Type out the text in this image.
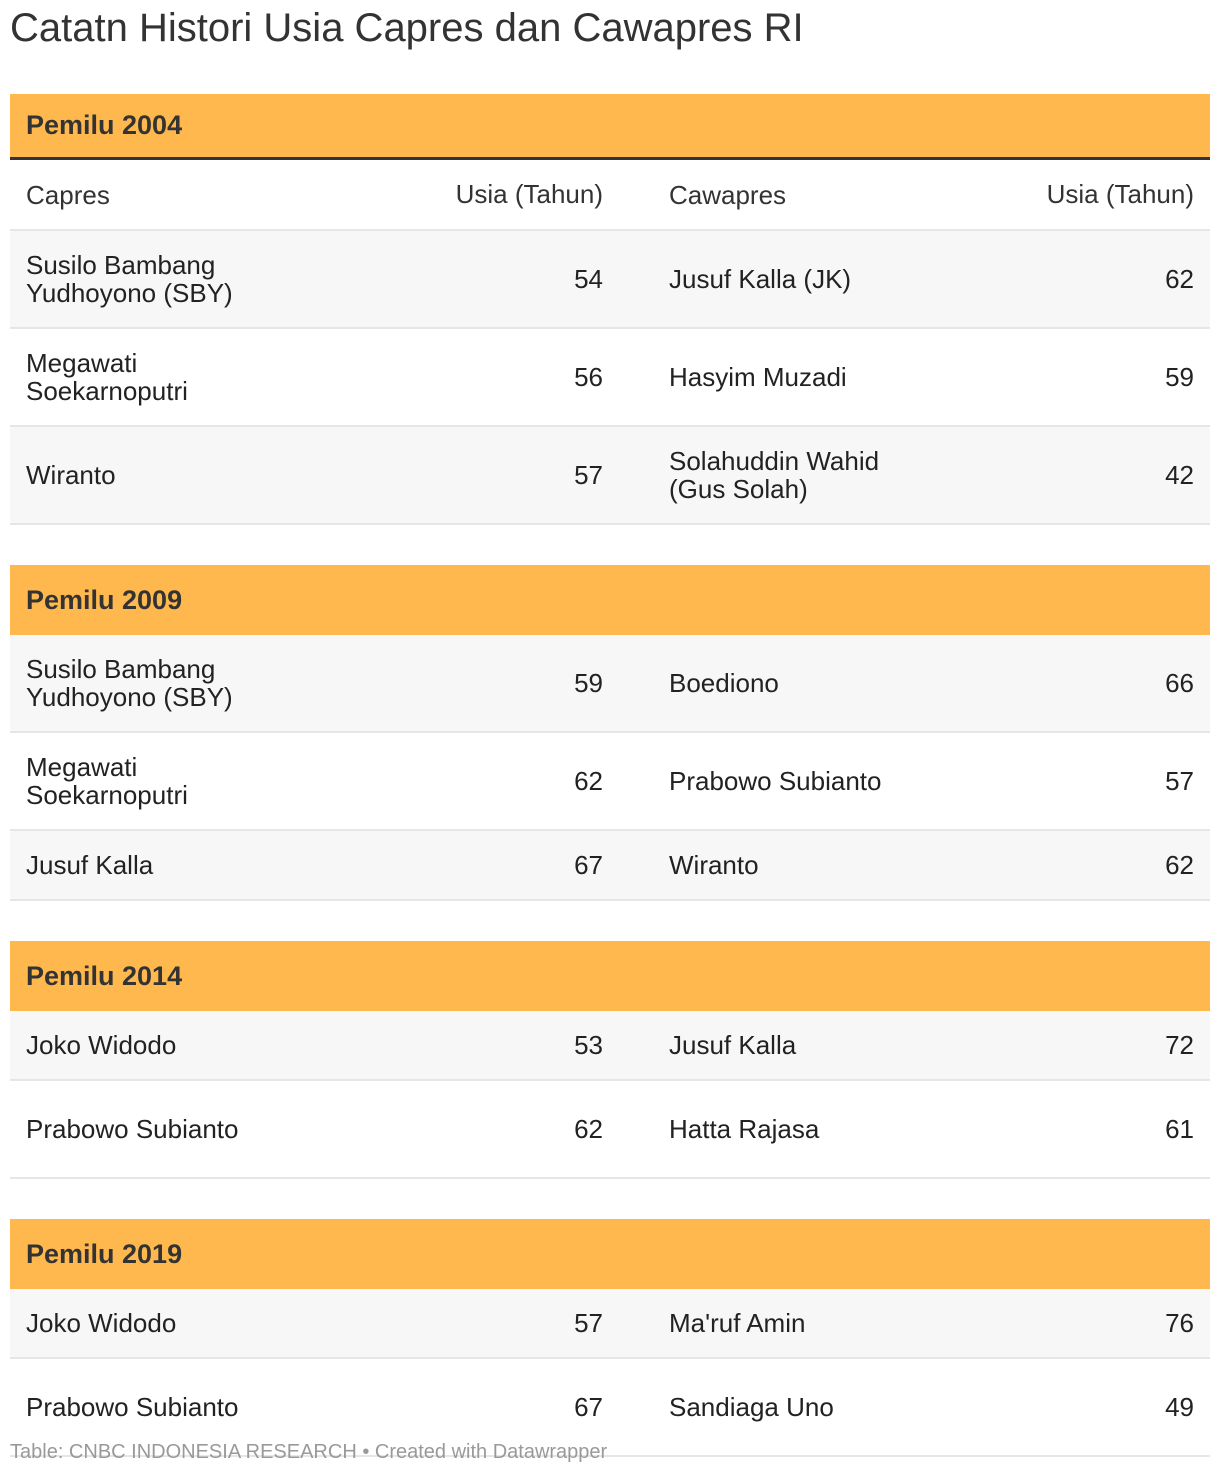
Catatn Histori Usia Capres dan Cawapres RI
Pemilu 2004
Capres	Usia (Tahun)	Cawapres	Usia (Tahun)
Susilo Bambang Yudhoyono (SBY)	54	Jusuf Kalla (JK)	62
Megawati Soekarnoputri	56	Hasyim Muzadi	59
Wiranto	57	Solahuddin Wahid (Gus Solah)	42
Pemilu 2009
Susilo Bambang Yudhoyono (SBY)	59	Boediono	66
Megawati Soekarnoputri	62	Prabowo Subianto	57
Jusuf Kalla	67	Wiranto	62
Pemilu 2014
Joko Widodo	53	Jusuf Kalla	72
Prabowo Subianto	62	Hatta Rajasa	61
Pemilu 2019
Joko Widodo	57	Ma'ruf Amin	76
Prabowo Subianto	67	Sandiaga Uno	49
Table: CNBC INDONESIA RESEARCH • Created with Datawrapper
